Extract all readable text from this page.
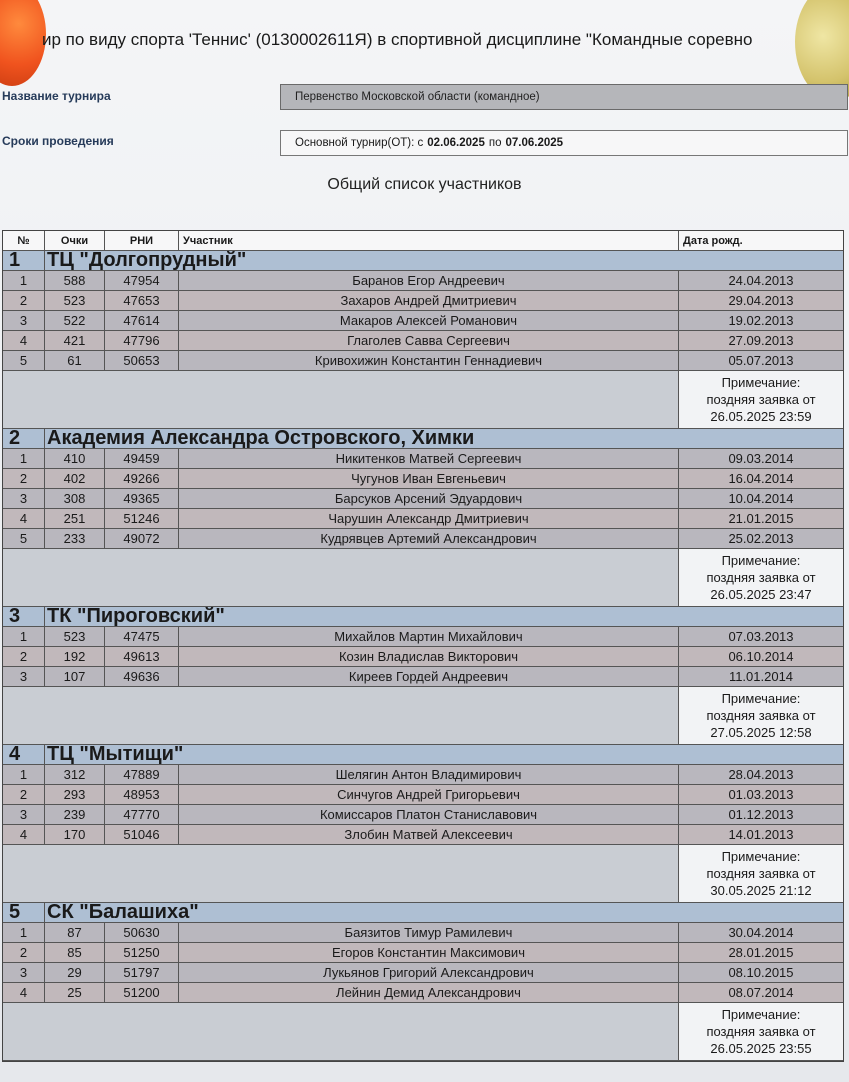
ир по виду спорта 'Теннис' (0130002611Я) в спортивной дисциплине "Командные соревно
Название турнира	Первенство Московской области (командное)
Сроки проведения	Основной турнир(ОТ): с 02.06.2025 по 07.06.2025
Общий список участников
№	Очки	РНИ	Участник	Дата рожд.
1	ТЦ "Долгопрудный"
1	588	47954	Баранов Егор Андреевич	24.04.2013
2	523	47653	Захаров Андрей Дмитриевич	29.04.2013
3	522	47614	Макаров Алексей Романович	19.02.2013
4	421	47796	Глаголев Савва Сергеевич	27.09.2013
5	61	50653	Кривохижин Константин Геннадиевич	05.07.2013
Примечание:
поздняя заявка от
26.05.2025 23:59
2	Академия Александра Островского, Химки
1	410	49459	Никитенков Матвей Сергеевич	09.03.2014
2	402	49266	Чугунов Иван Евгеньевич	16.04.2014
3	308	49365	Барсуков Арсений Эдуардович	10.04.2014
4	251	51246	Чарушин Александр Дмитриевич	21.01.2015
5	233	49072	Кудрявцев Артемий Александрович	25.02.2013
Примечание:
поздняя заявка от
26.05.2025 23:47
3	ТК "Пироговский"
1	523	47475	Михайлов Мартин Михайлович	07.03.2013
2	192	49613	Козин Владислав Викторович	06.10.2014
3	107	49636	Киреев Гордей Андреевич	11.01.2014
Примечание:
поздняя заявка от
27.05.2025 12:58
4	ТЦ "Мытищи"
1	312	47889	Шелягин Антон Владимирович	28.04.2013
2	293	48953	Синчугов Андрей Григорьевич	01.03.2013
3	239	47770	Комиссаров Платон Станиславович	01.12.2013
4	170	51046	Злобин Матвей Алексеевич	14.01.2013
Примечание:
поздняя заявка от
30.05.2025 21:12
5	СК "Балашиха"
1	87	50630	Баязитов Тимур Рамилевич	30.04.2014
2	85	51250	Егоров Константин Максимович	28.01.2015
3	29	51797	Лукьянов Григорий Александрович	08.10.2015
4	25	51200	Лейнин Демид Александрович	08.07.2014
Примечание:
поздняя заявка от
26.05.2025 23:55
